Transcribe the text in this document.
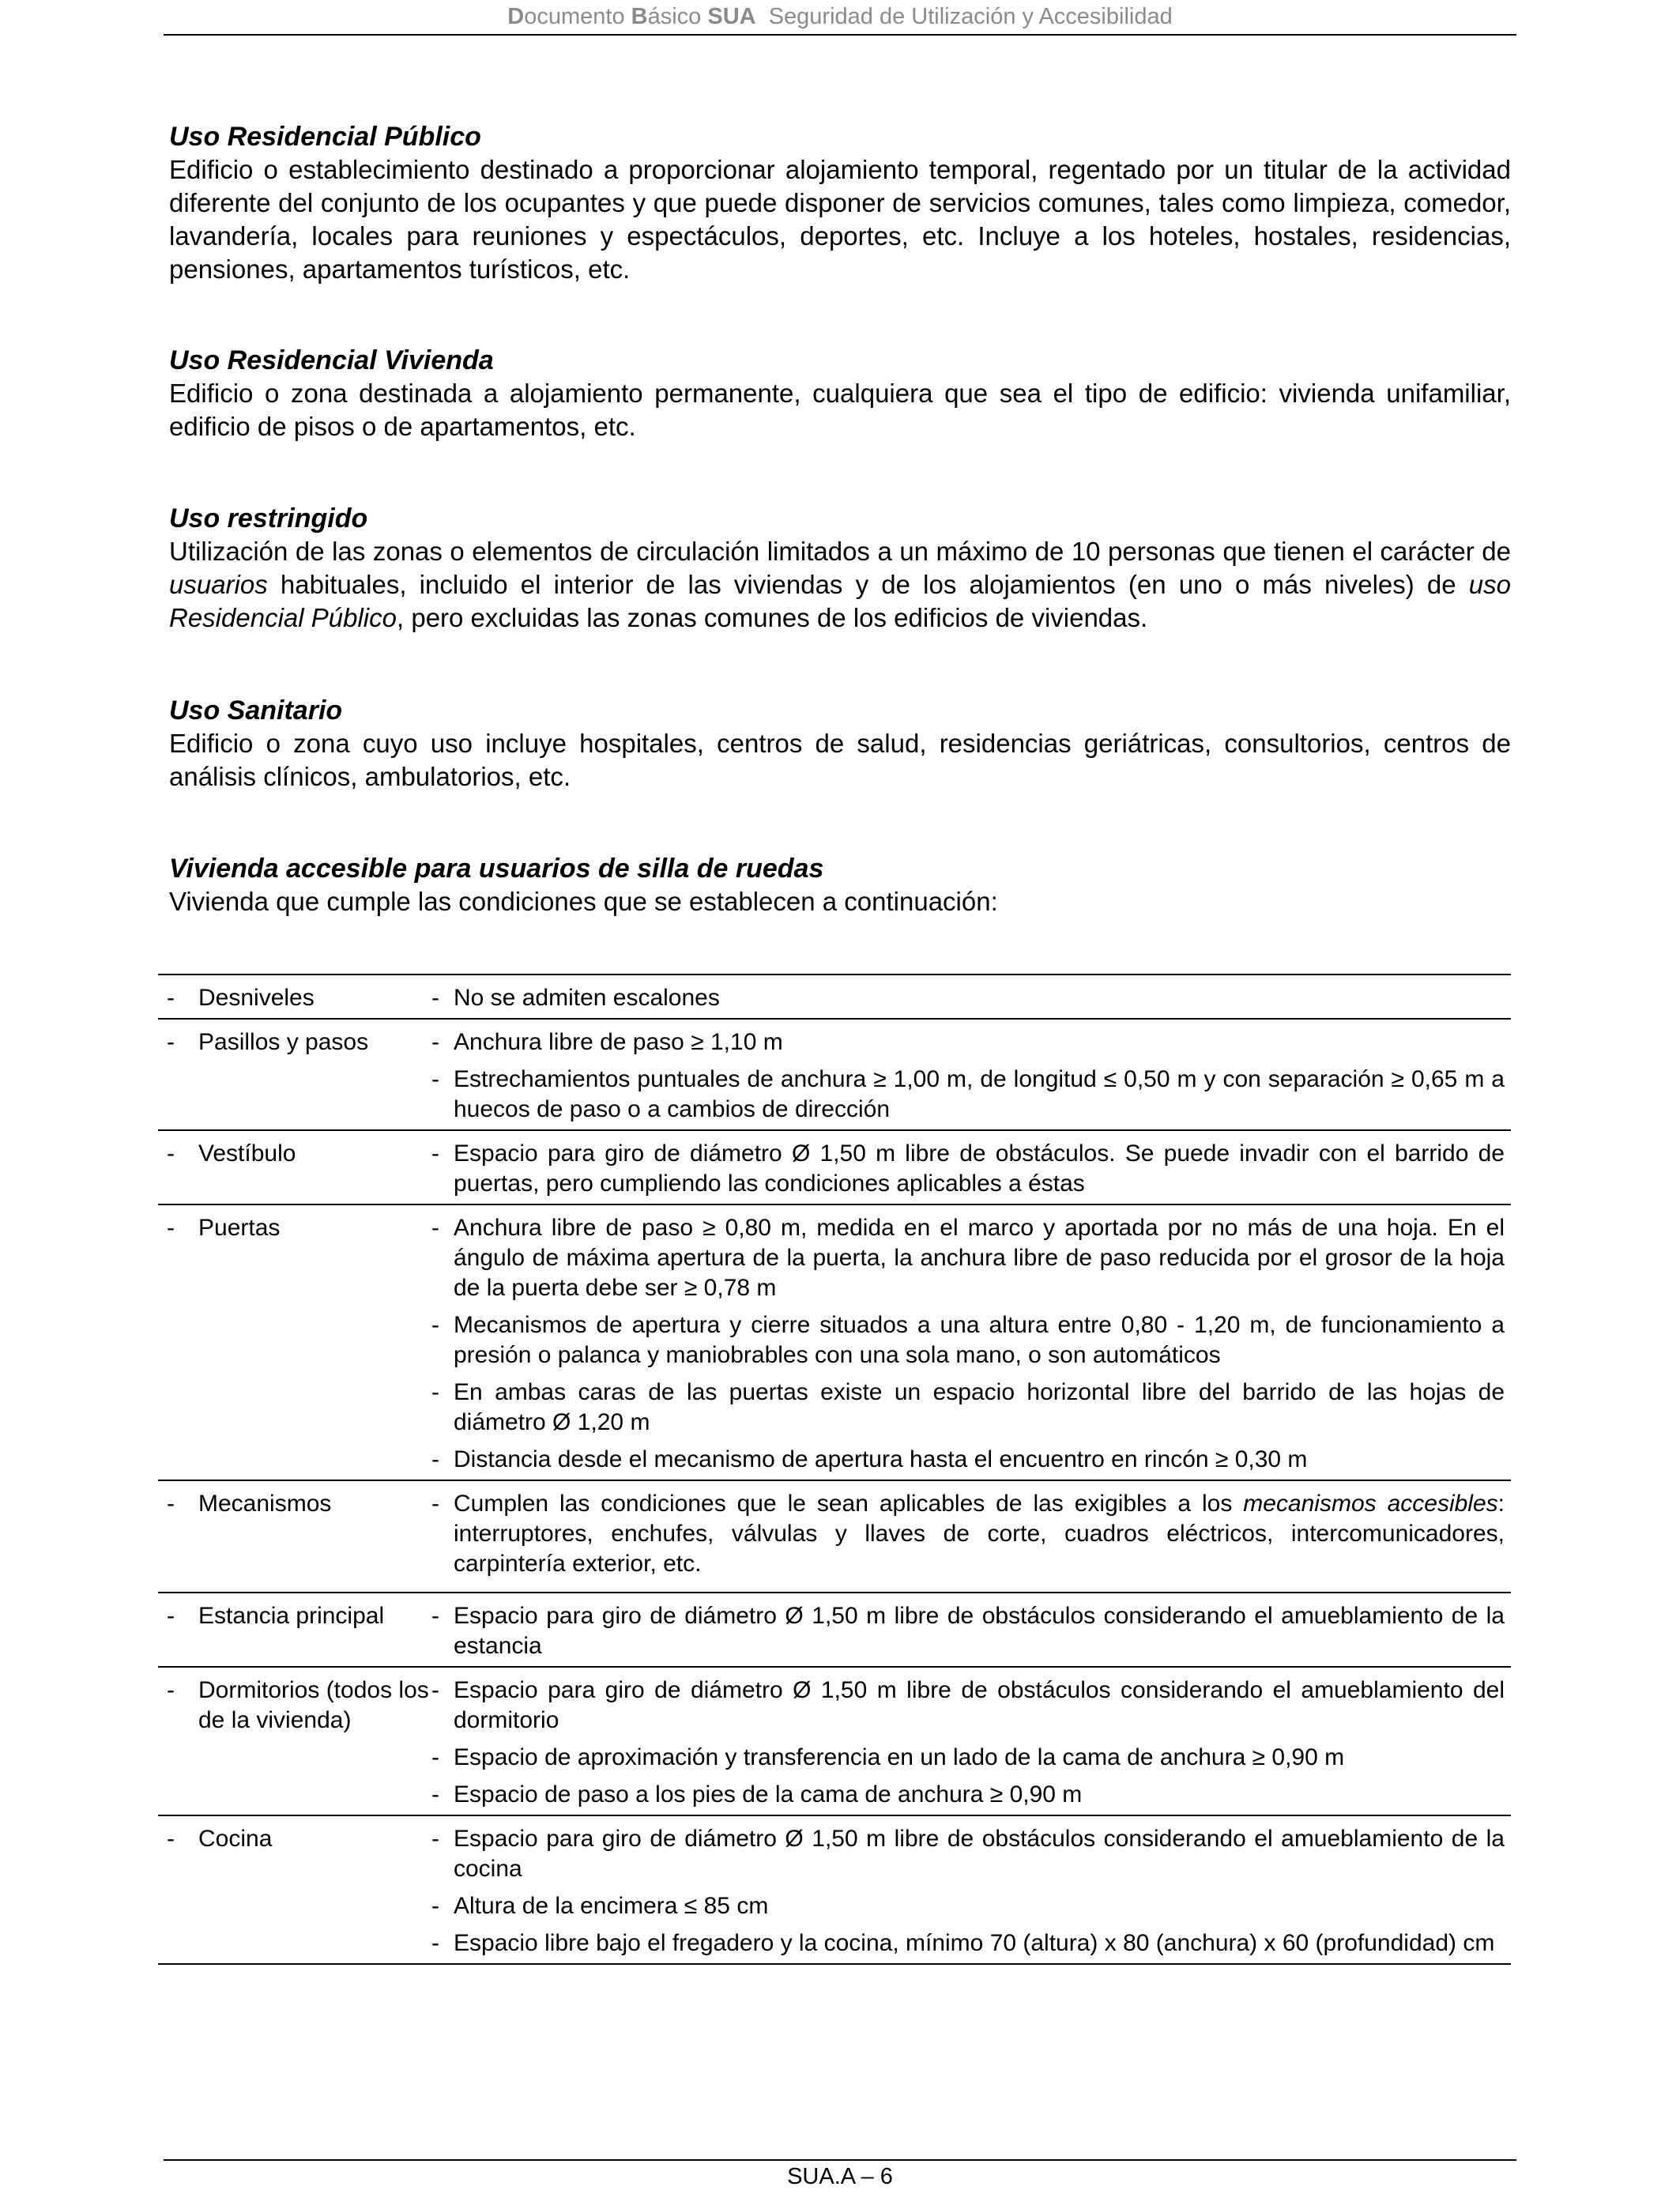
Documento Básico SUA  Seguridad de Utilización y Accesibilidad
Uso Residencial Público
Edificio o establecimiento destinado a proporcionar alojamiento temporal, regentado por un titular de la actividad diferente del conjunto de los ocupantes y que puede disponer de servicios comunes, tales como limpieza, comedor, lavandería, locales para reuniones y espectáculos, deportes, etc. Incluye a los hoteles, hostales, residencias, pensiones, apartamentos turísticos, etc.
Uso Residencial Vivienda
Edificio o zona destinada a alojamiento permanente, cualquiera que sea el tipo de edificio: vivienda unifamiliar, edificio de pisos o de apartamentos, etc.
Uso restringido
Utilización de las zonas o elementos de circulación limitados a un máximo de 10 personas que tienen el carácter de usuarios habituales, incluido el interior de las viviendas y de los alojamientos (en uno o más niveles) de uso Residencial Público, pero excluidas las zonas comunes de los edificios de viviendas.
Uso Sanitario
Edificio o zona cuyo uso incluye hospitales, centros de salud, residencias geriátricas, consultorios, centros de análisis clínicos, ambulatorios, etc.
Vivienda accesible para usuarios de silla de ruedas
Vivienda que cumple las condiciones que se establecen a continuación:
-	Desniveles	- No se admiten escalones
-	Pasillos y pasos	- Anchura libre de paso ≥ 1,10 m
- Estrechamientos puntuales de anchura ≥ 1,00 m, de longitud ≤ 0,50 m y con separación ≥ 0,65 m a huecos de paso o a cambios de dirección
-	Vestíbulo	- Espacio para giro de diámetro Ø 1,50 m libre de obstáculos. Se puede invadir con el barrido de puertas, pero cumpliendo las condiciones aplicables a éstas
-	Puertas	- Anchura libre de paso ≥ 0,80 m, medida en el marco y aportada por no más de una hoja. En el ángulo de máxima apertura de la puerta, la anchura libre de paso reducida por el grosor de la hoja de la puerta debe ser ≥ 0,78 m
- Mecanismos de apertura y cierre situados a una altura entre 0,80 - 1,20 m, de funcionamiento a presión o palanca y maniobrables con una sola mano, o son automáticos
- En ambas caras de las puertas existe un espacio horizontal libre del barrido de las hojas de diámetro Ø 1,20 m
- Distancia desde el mecanismo de apertura hasta el encuentro en rincón ≥ 0,30 m
-	Mecanismos	- Cumplen las condiciones que le sean aplicables de las exigibles a los mecanismos accesibles: interruptores, enchufes, válvulas y llaves de corte, cuadros eléctricos, intercomunicadores, carpintería exterior, etc.
-	Estancia principal	- Espacio para giro de diámetro Ø 1,50 m libre de obstáculos considerando el amueblamiento de la estancia
-	Dormitorios (todos los de la vivienda)
- Espacio para giro de diámetro Ø 1,50 m libre de obstáculos considerando el amueblamiento del dormitorio
- Espacio de aproximación y transferencia en un lado de la cama de anchura ≥ 0,90 m
- Espacio de paso a los pies de la cama de anchura ≥ 0,90 m
-	Cocina	- Espacio para giro de diámetro Ø 1,50 m libre de obstáculos considerando el amueblamiento de la cocina
- Altura de la encimera ≤ 85 cm
- Espacio libre bajo el fregadero y la cocina, mínimo 70 (altura) x 80 (anchura) x 60 (profundidad) cm
SUA.A – 6
